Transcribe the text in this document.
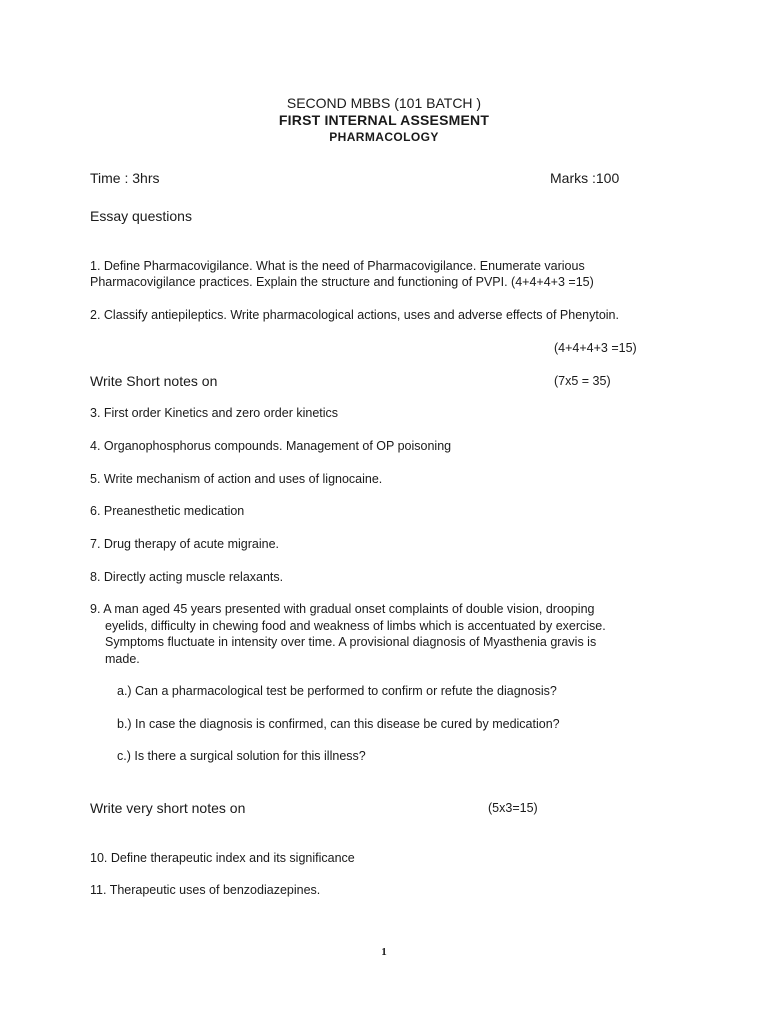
SECOND MBBS (101 BATCH )
FIRST INTERNAL ASSESMENT
PHARMACOLOGY
Time : 3hrs	Marks :100
Essay questions
1. Define Pharmacovigilance. What is the need of Pharmacovigilance. Enumerate various
Pharmacovigilance practices. Explain the structure and functioning of PVPI. (4+4+4+3 =15)
2. Classify antiepileptics. Write pharmacological actions, uses and adverse effects of Phenytoin.
(4+4+4+3 =15)
Write Short notes on	(7x5 = 35)
3. First order Kinetics and zero order kinetics
4. Organophosphorus compounds. Management of OP poisoning
5. Write mechanism of action and uses of lignocaine.
6. Preanesthetic medication
7. Drug therapy of acute migraine.
8. Directly acting muscle relaxants.
9. A man aged 45 years presented with gradual onset complaints of double vision, drooping
eyelids, difficulty in chewing food and weakness of limbs which is accentuated by exercise.
Symptoms fluctuate in intensity over time. A provisional diagnosis of Myasthenia gravis is
made.
a.) Can a pharmacological test be performed to confirm or refute the diagnosis?
b.) In case the diagnosis is confirmed, can this disease be cured by medication?
c.) Is there a surgical solution for this illness?
Write very short notes on	(5x3=15)
10. Define therapeutic index and its significance
11. Therapeutic uses of benzodiazepines.
1
